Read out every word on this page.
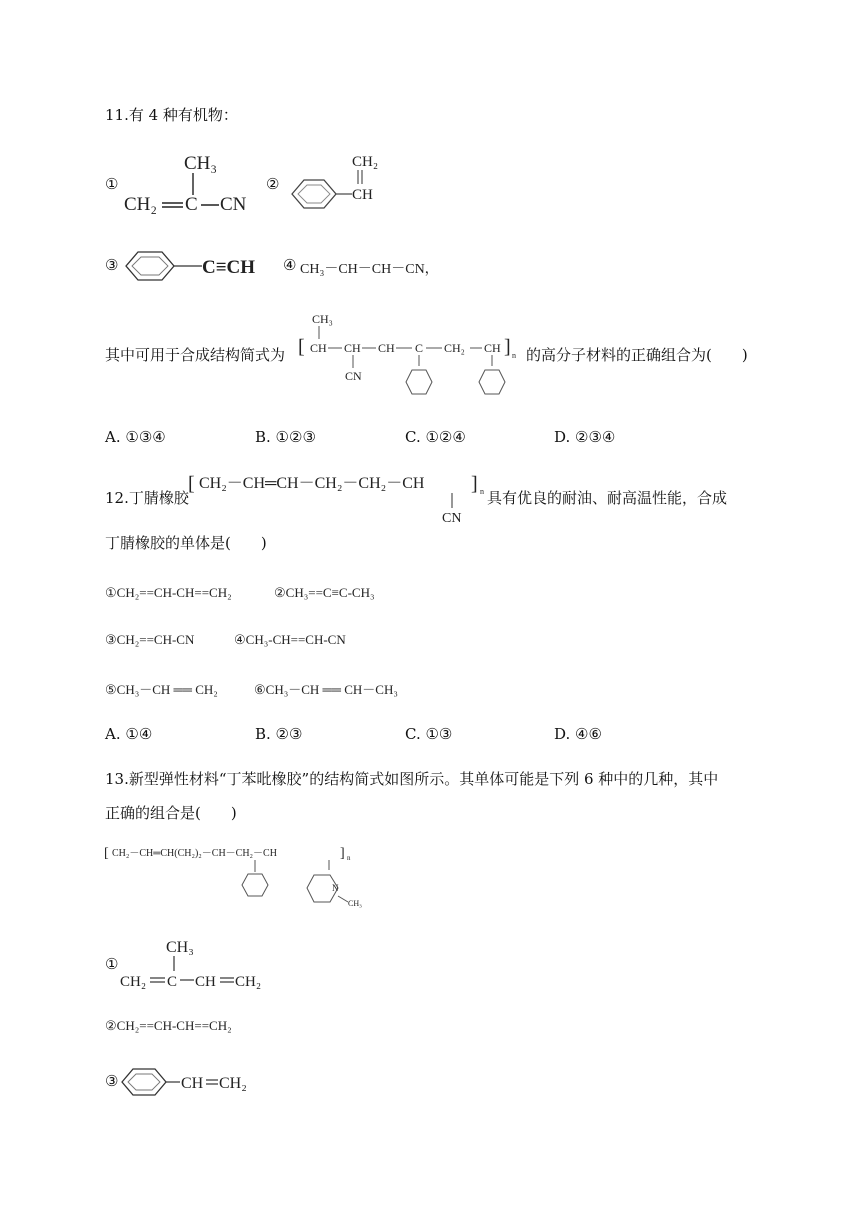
11.有 4 种有机物：
①
CH₃
CH₂ C CN
②
CH₂
CH
③	C≡CH ④ CH₃－CH－CH－CN，
其中可用于合成结构简式为 [ CH CH CH C CH₂ CH ] n
CH₃
CN
的高分子材料的正确组合为(　　)
A. ①③④	B. ①②③	C. ①②④	D. ②③④
12.丁腈橡胶
[ CH₂－CH═CH－CH₂－CH₂－CH ] n
CN
具有优良的耐油、耐高温性能，合成
丁腈橡胶的单体是(　　)
①CH₂==CH-CH==CH₂	②CH₃==C≡C-CH₃
③CH₂==CH-CN	④CH₃-CH==CH-CN
⑤CH₃－CH ══ CH₂	⑥CH₃－CH ══ CH－CH₃
A. ①④	B. ②③	C. ①③	D. ④⑥
13.新型弹性材料“丁苯吡橡胶”的结构简式如图所示。其单体可能是下列 6 种中的几种，其中
正确的组合是(　　)
[ CH₂－CH═CH(CH₂)₂－CH－CH₂－CH	] n
N
CH₃
①
CH₃
CH₂ C CH CH₂
②CH₂==CH-CH==CH₂
③	CH CH₂
